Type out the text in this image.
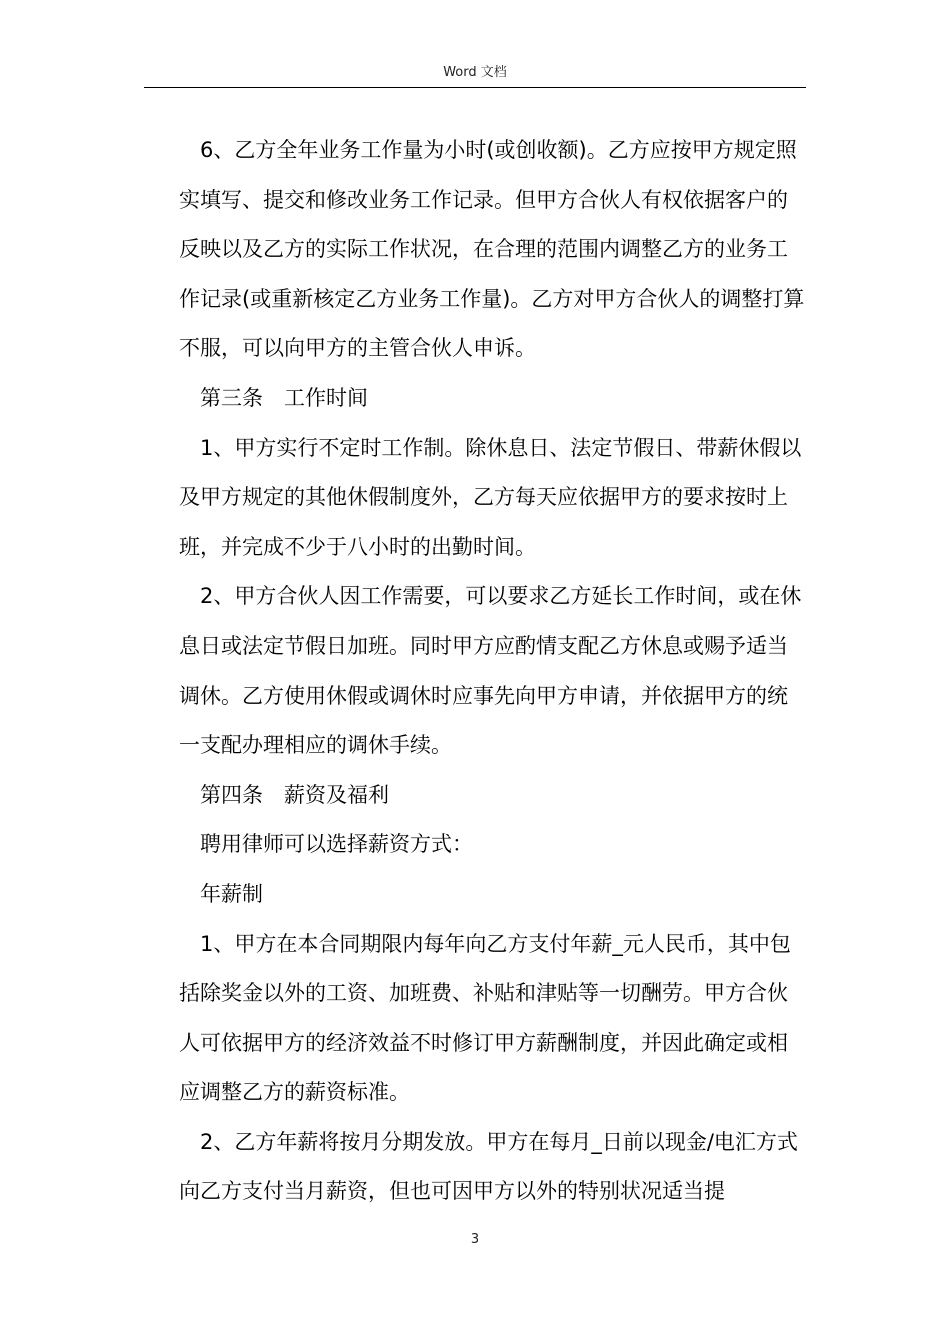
Word 文档

6、乙方全年业务工作量为小时(或创收额)。乙方应按甲方规定照实填写、提交和修改业务工作记录。但甲方合伙人有权依据客户的反映以及乙方的实际工作状况，在合理的范围内调整乙方的业务工作记录(或重新核定乙方业务工作量)。乙方对甲方合伙人的调整打算不服，可以向甲方的主管合伙人申诉。

第三条　工作时间

1、甲方实行不定时工作制。除休息日、法定节假日、带薪休假以及甲方规定的其他休假制度外，乙方每天应依据甲方的要求按时上班，并完成不少于八小时的出勤时间。

2、甲方合伙人因工作需要，可以要求乙方延长工作时间，或在休息日或法定节假日加班。同时甲方应酌情支配乙方休息或赐予适当调休。乙方使用休假或调休时应事先向甲方申请，并依据甲方的统一支配办理相应的调休手续。

第四条　薪资及福利

聘用律师可以选择薪资方式：

年薪制

1、甲方在本合同期限内每年向乙方支付年薪_元人民币，其中包括除奖金以外的工资、加班费、补贴和津贴等一切酬劳。甲方合伙人可依据甲方的经济效益不时修订甲方薪酬制度，并因此确定或相应调整乙方的薪资标准。

2、乙方年薪将按月分期发放。甲方在每月_日前以现金/电汇方式向乙方支付当月薪资，但也可因甲方以外的特别状况适当提

3
